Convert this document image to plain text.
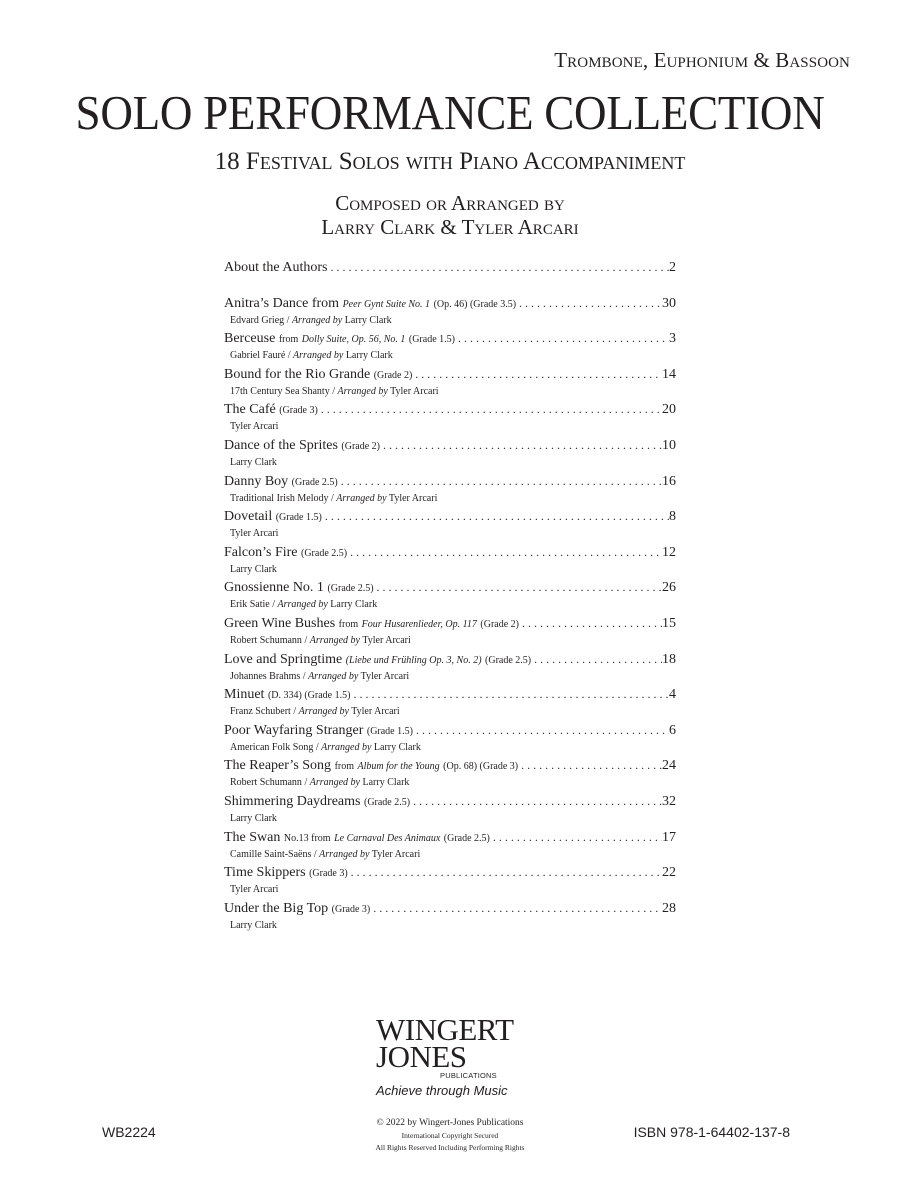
Trombone, Euphonium & Bassoon
SOLO PERFORMANCE COLLECTION
18 Festival Solos with Piano Accompaniment
Composed or Arranged by
Larry Clark & Tyler Arcari
About the Authors . . .	2
Anitra’s Dance from Peer Gynt Suite No. 1 (Op. 46) (Grade 3.5) . . .	30
Edvard Grieg / Arranged by Larry Clark
Berceuse from Dolly Suite, Op. 56, No. 1 (Grade 1.5) . . .	3
Gabriel Fauré / Arranged by Larry Clark
Bound for the Rio Grande (Grade 2) . . .	14
17th Century Sea Shanty / Arranged by Tyler Arcari
The Café (Grade 3) . . .	20
Tyler Arcari
Dance of the Sprites (Grade 2) . . .	10
Larry Clark
Danny Boy (Grade 2.5) . . .	16
Traditional Irish Melody / Arranged by Tyler Arcari
Dovetail (Grade 1.5) . . .	8
Tyler Arcari
Falcon’s Fire (Grade 2.5) . . .	12
Larry Clark
Gnossienne No. 1 (Grade 2.5) . . .	26
Erik Satie / Arranged by Larry Clark
Green Wine Bushes from Four Husarenlieder, Op. 117 (Grade 2) . . .	15
Robert Schumann / Arranged by Tyler Arcari
Love and Springtime (Liebe und Frühling Op. 3, No. 2) (Grade 2.5) . . .	18
Johannes Brahms / Arranged by Tyler Arcari
Minuet (D. 334) (Grade 1.5) . . .	4
Franz Schubert / Arranged by Tyler Arcari
Poor Wayfaring Stranger (Grade 1.5) . . .	6
American Folk Song / Arranged by Larry Clark
The Reaper’s Song from Album for the Young (Op. 68) (Grade 3) . . .	24
Robert Schumann / Arranged by Larry Clark
Shimmering Daydreams (Grade 2.5) . . .	32
Larry Clark
The Swan No.13 from Le Carnaval Des Animaux (Grade 2.5) . . .	17
Camille Saint-Saëns / Arranged by Tyler Arcari
Time Skippers (Grade 3) . . .	22
Tyler Arcari
Under the Big Top (Grade 3) . . .	28
Larry Clark
WINGERT
JONES
PUBLICATIONS
Achieve through Music
WB2224
© 2022 by Wingert-Jones Publications
International Copyright Secured
All Rights Reserved Including Performing Rights
ISBN 978-1-64402-137-8
